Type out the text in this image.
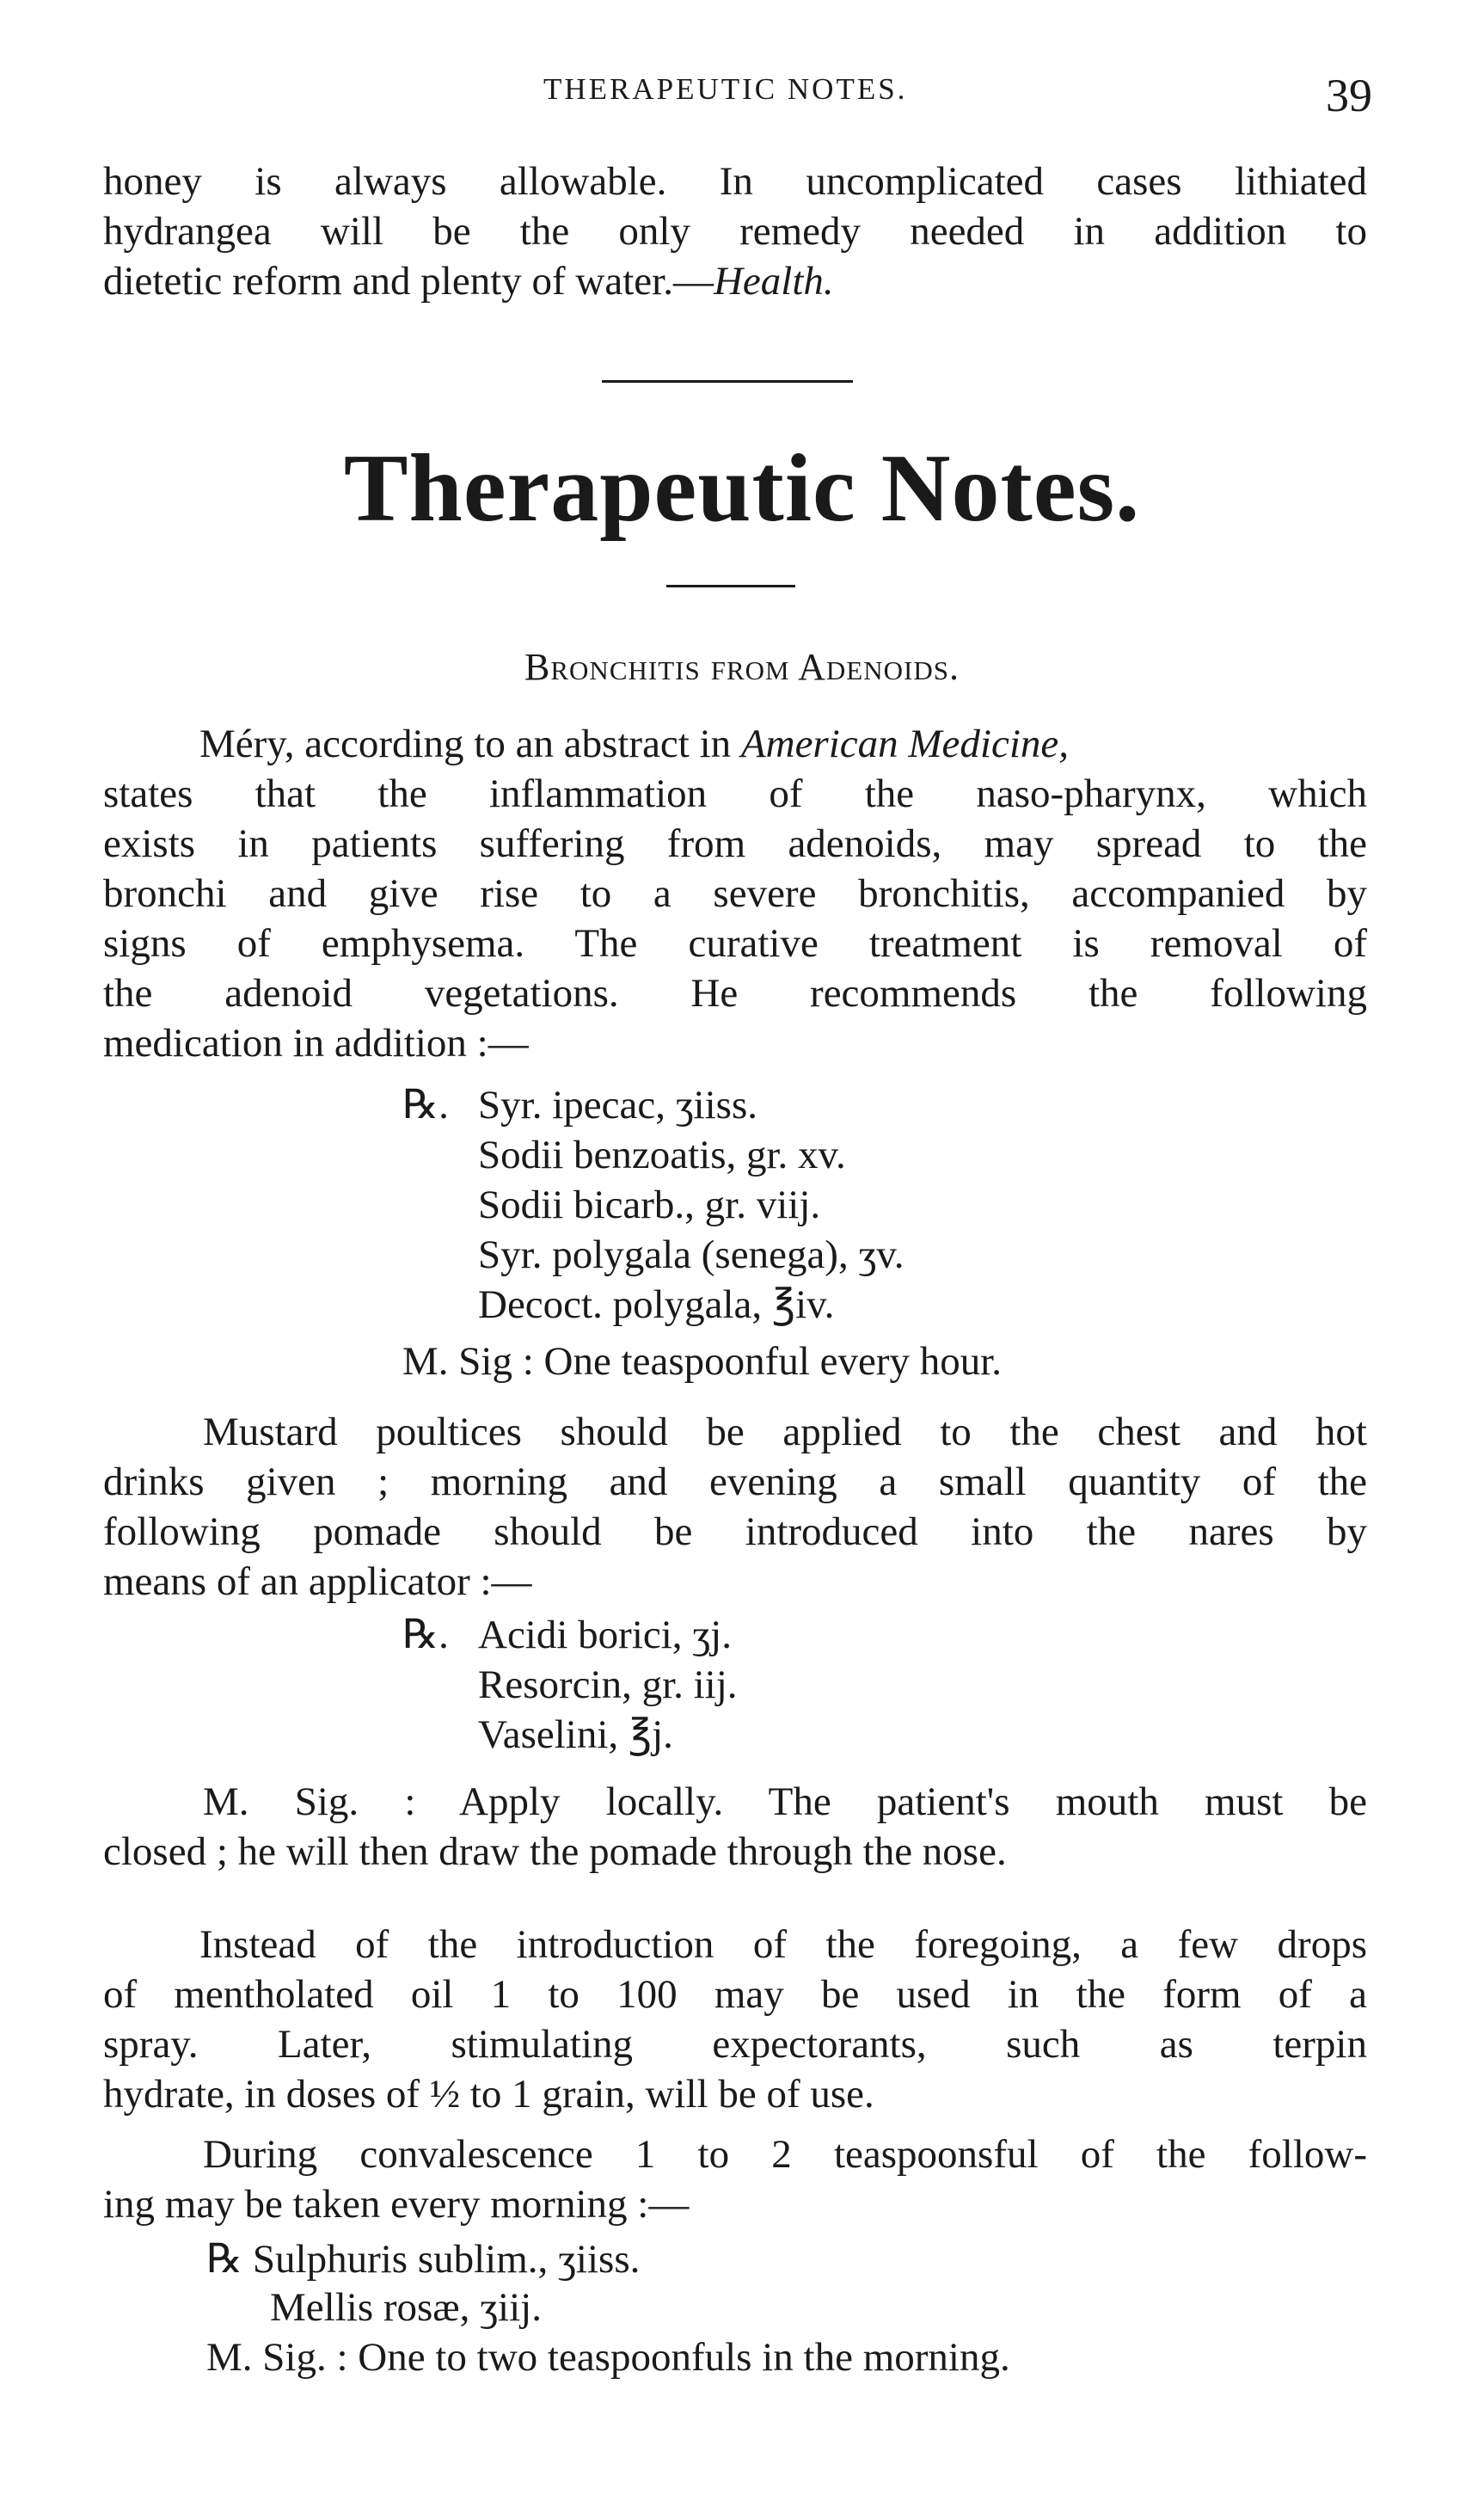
THERAPEUTIC NOTES.	39
honey is always allowable. In uncomplicated cases lithiated
hydrangea will be the only remedy needed in addition to
dietetic reform and plenty of water.—Health.
Therapeutic Notes.
Bronchitis from Adenoids.
Méry, according to an abstract in American Medicine,
states that the inflammation of the naso-pharynx, which
exists in patients suffering from adenoids, may spread to the
bronchi and give rise to a severe bronchitis, accompanied by
signs of emphysema. The curative treatment is removal of
the adenoid vegetations. He recommends the following
medication in addition :—
℞. Syr. ipecac, ʒiiss.
Sodii benzoatis, gr. xv.
Sodii bicarb., gr. viij.
Syr. polygala (senega), ʒv.
Decoct. polygala, ℥iv.
M. Sig : One teaspoonful every hour.
Mustard poultices should be applied to the chest and hot
drinks given ; morning and evening a small quantity of the
following pomade should be introduced into the nares by
means of an applicator :—
℞. Acidi borici, ʒj.
Resorcin, gr. iij.
Vaselini, ℥j.
M. Sig. : Apply locally. The patient's mouth must be
closed ; he will then draw the pomade through the nose.
Instead of the introduction of the foregoing, a few drops
of mentholated oil 1 to 100 may be used in the form of a
spray. Later, stimulating expectorants, such as terpin
hydrate, in doses of ½ to 1 grain, will be of use.
During convalescence 1 to 2 teaspoonsful of the follow-
ing may be taken every morning :—
℞ Sulphuris sublim., ʒiiss.
Mellis rosæ, ʒiij.
M. Sig. : One to two teaspoonfuls in the morning.
